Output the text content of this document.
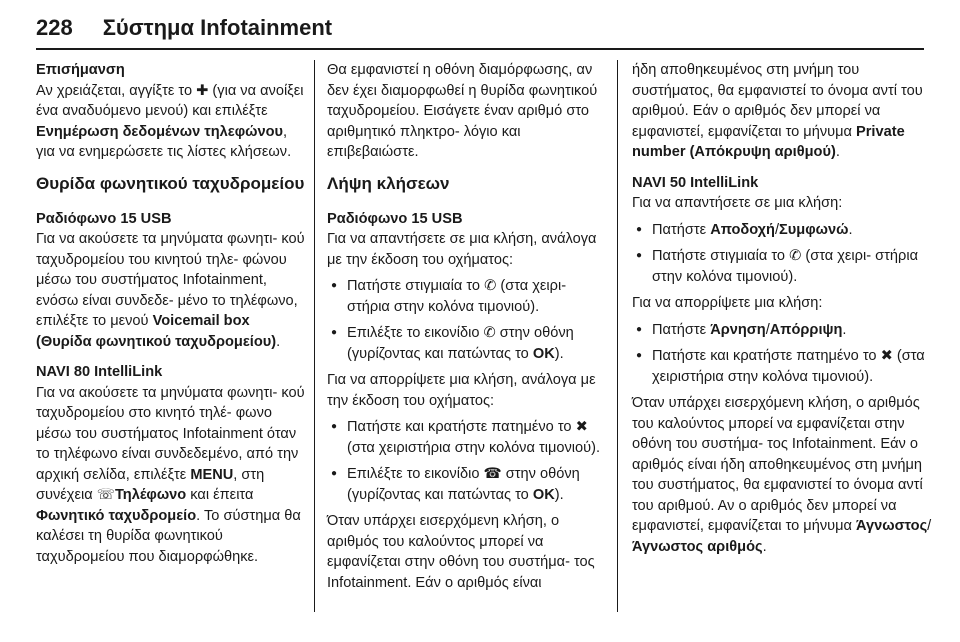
228 Σύστημα Infotainment

Επισήμανση
Αν χρειάζεται, αγγίξτε το ✚ (για να ανοίξει ένα αναδυόμενο μενού) και επιλέξτε Ενημέρωση δεδομένων τηλεφώνου, για να ενημερώσετε τις λίστες κλήσεων.

Θυρίδα φωνητικού ταχυδρομείου

Ραδιόφωνο 15 USB
Για να ακούσετε τα μηνύματα φωνητι- κού ταχυδρομείου του κινητού τηλε- φώνου μέσω του συστήματος Infotainment, ενόσω είναι συνδεδε- μένο το τηλέφωνο, επιλέξτε το μενού Voicemail box (Θυρίδα φωνητικού ταχυδρομείου).

NAVI 80 IntelliLink
Για να ακούσετε τα μηνύματα φωνητι- κού ταχυδρομείου στο κινητό τηλέ- φωνο μέσω του συστήματος Infotainment όταν το τηλέφωνο είναι συνδεδεμένο, από την αρχική σελίδα, επιλέξτε MENU, στη συνέχεια ☏Τηλέφωνο και έπειτα Φωνητικό ταχυδρομείο. Το σύστημα θα καλέσει τη θυρίδα φωνητικού ταχυδρομείου που διαμορφώθηκε.

Θα εμφανιστεί η οθόνη διαμόρφωσης, αν δεν έχει διαμορφωθεί η θυρίδα φωνητικού ταχυδρομείου. Εισάγετε έναν αριθμό στο αριθμητικό πληκτρο- λόγιο και επιβεβαιώστε.

Λήψη κλήσεων

Ραδιόφωνο 15 USB
Για να απαντήσετε σε μια κλήση, ανάλογα με την έκδοση του οχήματος:

● Πατήστε στιγμιαία το ✆ (στα χειρι- στήρια στην κολόνα τιμονιού).
● Επιλέξτε το εικονίδιο ✆ στην οθόνη (γυρίζοντας και πατώντας το OK).

Για να απορρίψετε μια κλήση, ανάλογα με την έκδοση του οχήματος:

● Πατήστε και κρατήστε πατημένο το ✖ (στα χειριστήρια στην κολόνα τιμονιού).
● Επιλέξτε το εικονίδιο ☎ στην οθόνη (γυρίζοντας και πατώντας το OK).

Όταν υπάρχει εισερχόμενη κλήση, ο αριθμός του καλούντος μπορεί να εμφανίζεται στην οθόνη του συστήμα- τος Infotainment. Εάν ο αριθμός είναι

ήδη αποθηκευμένος στη μνήμη του συστήματος, θα εμφανιστεί το όνομα αντί του αριθμού. Εάν ο αριθμός δεν μπορεί να εμφανιστεί, εμφανίζεται το μήνυμα Private number (Απόκρυψη αριθμού).

NAVI 50 IntelliLink
Για να απαντήσετε σε μια κλήση:

● Πατήστε Αποδοχή/Συμφωνώ.
● Πατήστε στιγμιαία το ✆ (στα χειρι- στήρια στην κολόνα τιμονιού).

Για να απορρίψετε μια κλήση:

● Πατήστε Άρνηση/Απόρριψη.
● Πατήστε και κρατήστε πατημένο το ✖ (στα χειριστήρια στην κολόνα τιμονιού).

Όταν υπάρχει εισερχόμενη κλήση, ο αριθμός του καλούντος μπορεί να εμφανίζεται στην οθόνη του συστήμα- τος Infotainment. Εάν ο αριθμός είναι ήδη αποθηκευμένος στη μνήμη του συστήματος, θα εμφανιστεί το όνομα αντί του αριθμού. Αν ο αριθμός δεν μπορεί να εμφανιστεί, εμφανίζεται το μήνυμα Άγνωστος/Άγνωστος αριθμός.
